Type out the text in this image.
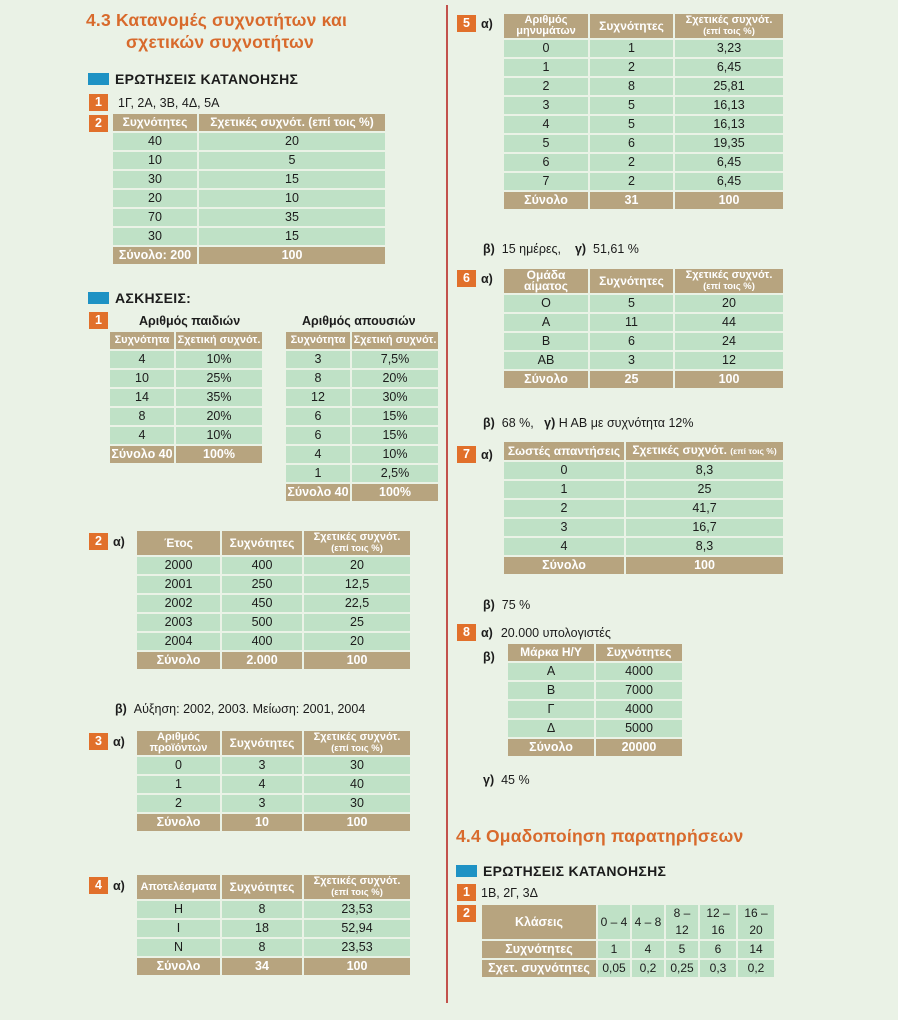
4.3 Κατανομές συχνοτήτων και
σχετικών συχνοτήτων
ΕΡΩΤΗΣΕΙΣ ΚΑΤΑΝΟΗΣΗΣ
1	1Γ, 2Α, 3Β, 4Δ, 5Α
2	Συχνότητες	Σχετικές συχνότ. (επί τοις %)
40	20
10	5
30	15
20	10
70	35
30	15
Σύνολο: 200	100
ΑΣΚΗΣΕΙΣ:
1	Αριθμός παιδιών	Αριθμός απουσιών
Συχνότητα	Σχετική συχνότ.
4	10%
10	25%
14	35%
8	20%
4	10%
Σύνολο 40	100%
Συχνότητα	Σχετική συχνότ.
3	7,5%
8	20%
12	30%
6	15%
6	15%
4	10%
1	2,5%
Σύνολο 40	100%
2 α)	Έτος	Συχνότητες	Σχετικές συχνότ.
(επί τοις %)

2000	400	20
2001	250	12,5
2002	450	22,5
2003	500	25
2004	400	20
Σύνολο	2.000	100
β) Αύξηση: 2002, 2003. Μείωση: 2001, 2004
3 α)	Αριθμός
προϊόντων	Συχνότητες	Σχετικές συχνότ.
(επί τοις %)

0	3	30
1	4	40
2	3	30
Σύνολο	10	100
4 α) Αποτελέσματα	Συχνότητες	Σχετικές συχνότ.
(επί τοις %)

Η	8	23,53
Ι	18	52,94
Ν	8	23,53
Σύνολο	34	100
5 α)	Αριθμός
μηνυμάτων	Συχνότητες	Σχετικές συχνότ.
(επί τοις %)

0	1	3,23
1	2	6,45
2	8	25,81
3	5	16,13
4	5	16,13
5	6	19,35
6	2	6,45
7	2	6,45
Σύνολο	31	100
β) 15 ημέρες, γ) 51,61 %
6 α)	Ομάδα
αίματος	Συχνότητες	Σχετικές συχνότ.
(επί τοις %)

Ο	5	20
Α	11	44
Β	6	24
ΑΒ	3	12
Σύνολο	25	100
β) 68 %, γ) Η ΑΒ με συχνότητα 12%
7 α) Σωστές απαντήσεις	Σχετικές συχνότ. (επί τοις %)
0	8,3
1	25
2	41,7
3	16,7
4	8,3
Σύνολο	100
β) 75 %
8 α) 20.000 υπολογιστές
β) Μάρκα Η/Υ	Συχνότητες
Α	4000
Β	7000
Γ	4000
Δ	5000
Σύνολο	20000
γ) 45 %
4.4 Ομαδοποίηση παρατηρήσεων
ΕΡΩΤΗΣΕΙΣ ΚΑΤΑΝΟΗΣΗΣ
1 1Β, 2Γ, 3Δ
2
Κλάσεις	0 – 4	4 – 8	8 – 12	12 – 16	16 – 20
Συχνότητες	1	4	5	6	14
Σχετ. συχνότητες	0,05	0,2	0,25	0,3	0,2
